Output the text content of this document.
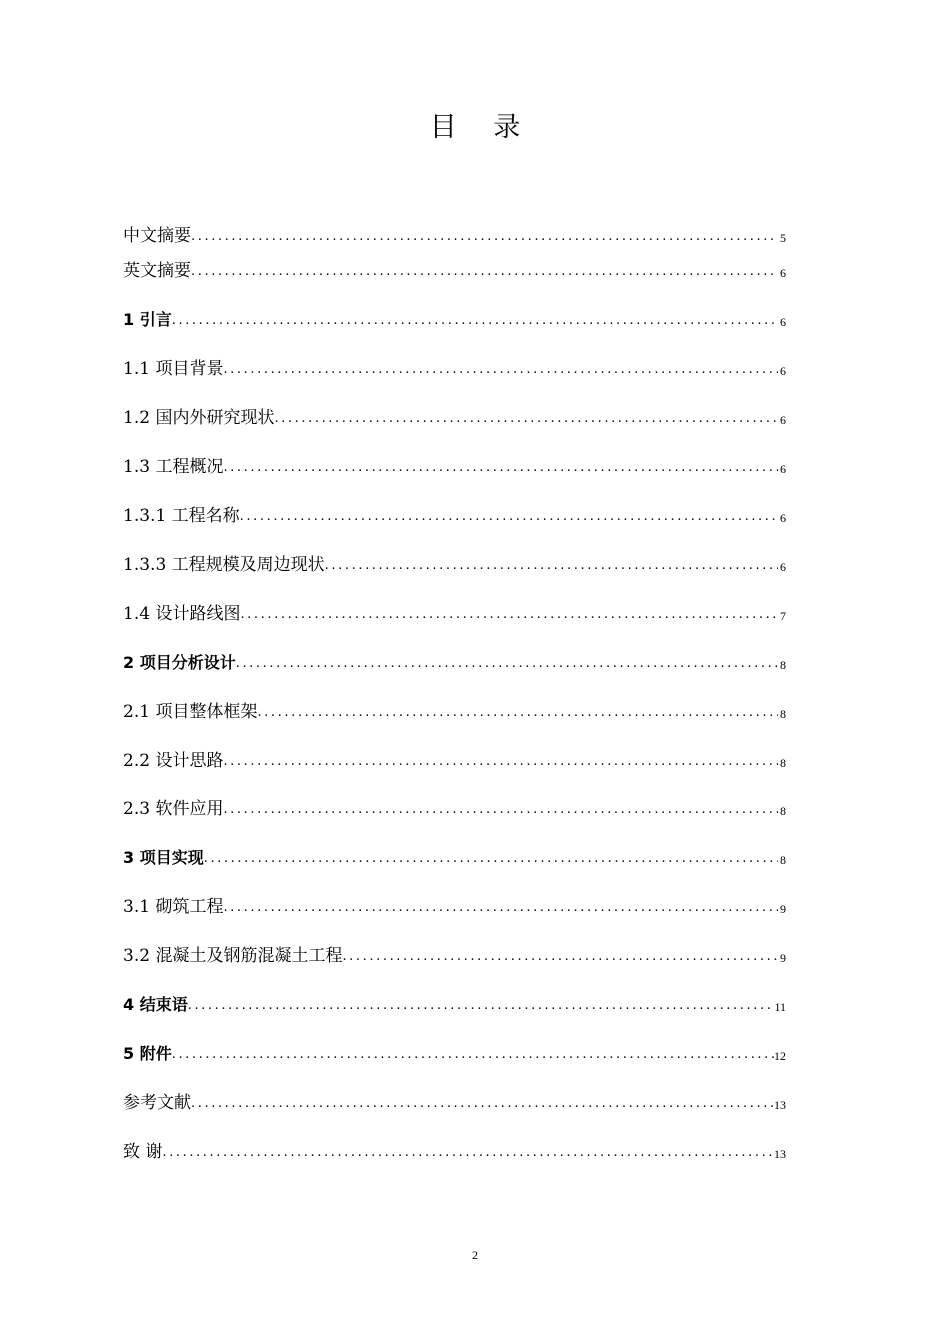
目 录
中文摘要 .....	5
英文摘要 .....	6
1 引言 .....	6
1.1 项目背景 .....	6
1.2 国内外研究现状 .....	6
1.3 工程概况 .....	6
1.3.1 工程名称 .....	6
1.3.3 工程规模及周边现状 .....	6
1.4 设计路线图 .....	7
2 项目分析设计 .....	8
2.1 项目整体框架 .....	8
2.2 设计思路 .....	8
2.3 软件应用 .....	8
3 项目实现 .....	8
3.1 砌筑工程 .....	9
3.2 混凝土及钢筋混凝土工程 .....	9
4 结束语 .....	11
5 附件 .....	12
参考文献 .....	13
致 谢 .....	13
2
